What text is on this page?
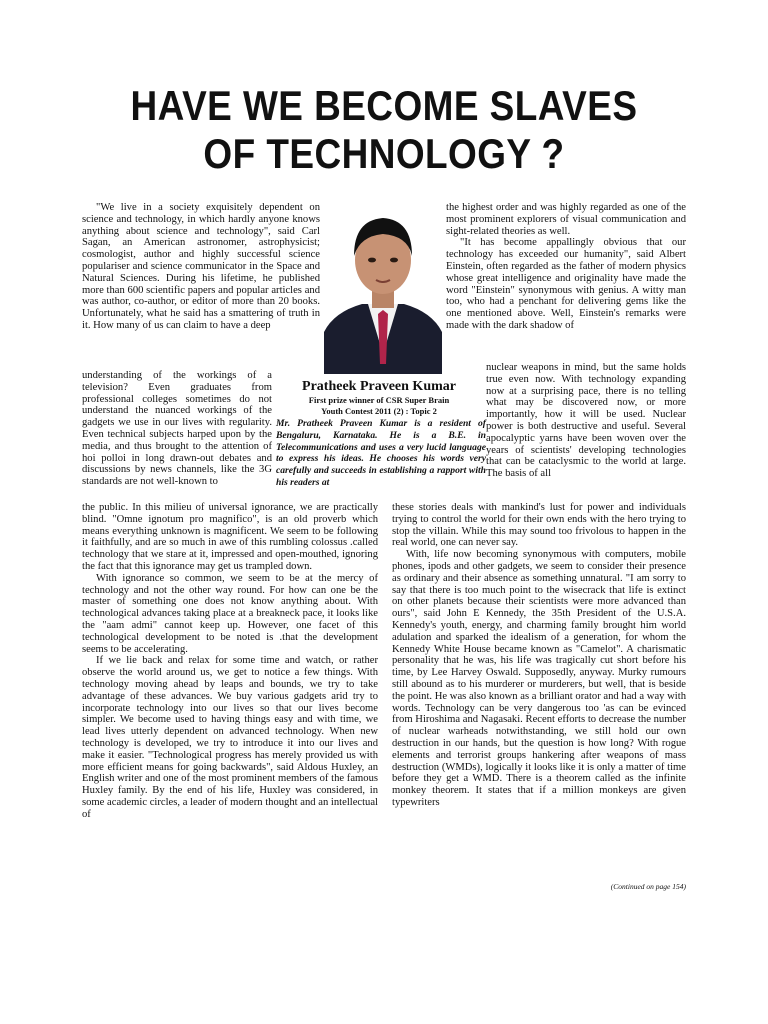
HAVE WE BECOME SLAVES
OF TECHNOLOGY ?

"We live in a society exquisitely dependent on science and technology, in which hardly anyone knows anything about science and technology", said Carl Sagan, an American astronomer, astrophysicist; cosmologist, author and highly successful science populariser and science communicator in the Space and Natural Sciences. During his lifetime, he published more than 600 scientific papers and popular articles and was author, co-author, or editor of more than 20 books. Unfortunately, what he said has a smattering of truth in it. How many of us can claim to have a deep

Pratheek Praveen Kumar
First prize winner of CSR Super Brain
Youth Contest 2011 (2) : Topic 2

Mr. Pratheek Praveen Kumar is a resident of Bengaluru, Karnataka. He is a B.E. in Telecommunications and uses a very lucid language to express his ideas. He chooses his words very carefully and succeeds in establishing a rapport with his readers at

understanding of the workings of a television? Even graduates from professional colleges sometimes do not understand the nuanced workings of the gadgets we use in our lives with regularity. Even technical subjects harped upon by the media, and thus brought to the attention of hoi polloi in long drawn-out debates and discussions by news channels, like the 3G standards are not well-known to

the public. In this milieu of universal ignorance, we are practically blind. "Omne ignotum pro magnifico", is an old proverb which means everything unknown is magnificent. We seem to be following it faithfully, and are so much in awe of this rumbling colossus .called technology that we stare at it, impressed and open-mouthed, ignoring the fact that this ignorance may get us trampled down.

With ignorance so common, we seem to be at the mercy of technology and not the other way round. For how can one be the master of something one does not know anything about. With technological advances taking place at a breakneck pace, it looks like the "aam admi" cannot keep up. However, one facet of this technological development to be noted is .that the development seems to be accelerating.

If we lie back and relax for some time and watch, or rather observe the world around us, we get to notice a few things. With technology moving ahead by leaps and bounds, we try to take advantage of these advances. We buy various gadgets arid try to incorporate technology into our lives so that our lives become simpler. We become used to having things easy and with time, we lead lives utterly dependent on advanced technology. When new technology is developed, we try to introduce it into our lives and make it easier. "Technological progress has merely provided us with more efficient means for going backwards", said Aldous Huxley, an English writer and one of the most prominent members of the famous Huxley family. By the end of his life, Huxley was considered, in some academic circles, a leader of modern thought and an intellectual of

the highest order and was highly regarded as one of the most prominent explorers of visual communication and sight-related theories as well.

"It has become appallingly obvious that our technology has exceeded our humanity", said Albert Einstein, often regarded as the father of modern physics whose great intelligence and originality have made the word "Einstein" synonymous with genius. A witty man too, who had a penchant for delivering gems like the one mentioned above. Well, Einstein's remarks were made with the dark shadow of

nuclear weapons in mind, but the same holds true even now. With technology expanding now at a surprising pace, there is no telling what may be discovered now, or more importantly, how it will be used. Nuclear power is both destructive and useful. Several apocalyptic yarns have been woven over the years of scientists' developing technologies that can be cataclysmic to the world at large. The basis of all

these stories deals with mankind's lust for power and individuals trying to control the world for their own ends with the hero trying to stop the villain. While this may sound too frivolous to happen in the real world, one can never say.

With, life now becoming synonymous with computers, mobile phones, ipods and other gadgets, we seem to consider their presence as ordinary and their absence as something unnatural. "I am sorry to say that there is too much point to the wisecrack that life is extinct on other planets because their scientists were more advanced than ours", said John E Kennedy, the 35th President of the U.S.A. Kennedy's youth, energy, and charming family brought him world adulation and sparked the idealism of a generation, for whom the Kennedy White House became known as "Camelot". A charismatic personality that he was, his life was tragically cut short before his time, by Lee Harvey Oswald. Supposedly, anyway. Murky rumours still abound as to his murderer or murderers, but well, that is beside the point. He was also known as a brilliant orator and had a way with words. Technology can be very dangerous too 'as can be evinced from Hiroshima and Nagasaki. Recent efforts to decrease the number of nuclear warheads notwithstanding, we still hold our own destruction in our hands, but the question is how long? With rogue elements and terrorist groups hankering after weapons of mass destruction (WMDs), logically it looks like it is only a matter of time before they get a WMD. There is a theorem called as the infinite monkey theorem. It states that if a million monkeys are given typewriters

(Continued on page 154)
